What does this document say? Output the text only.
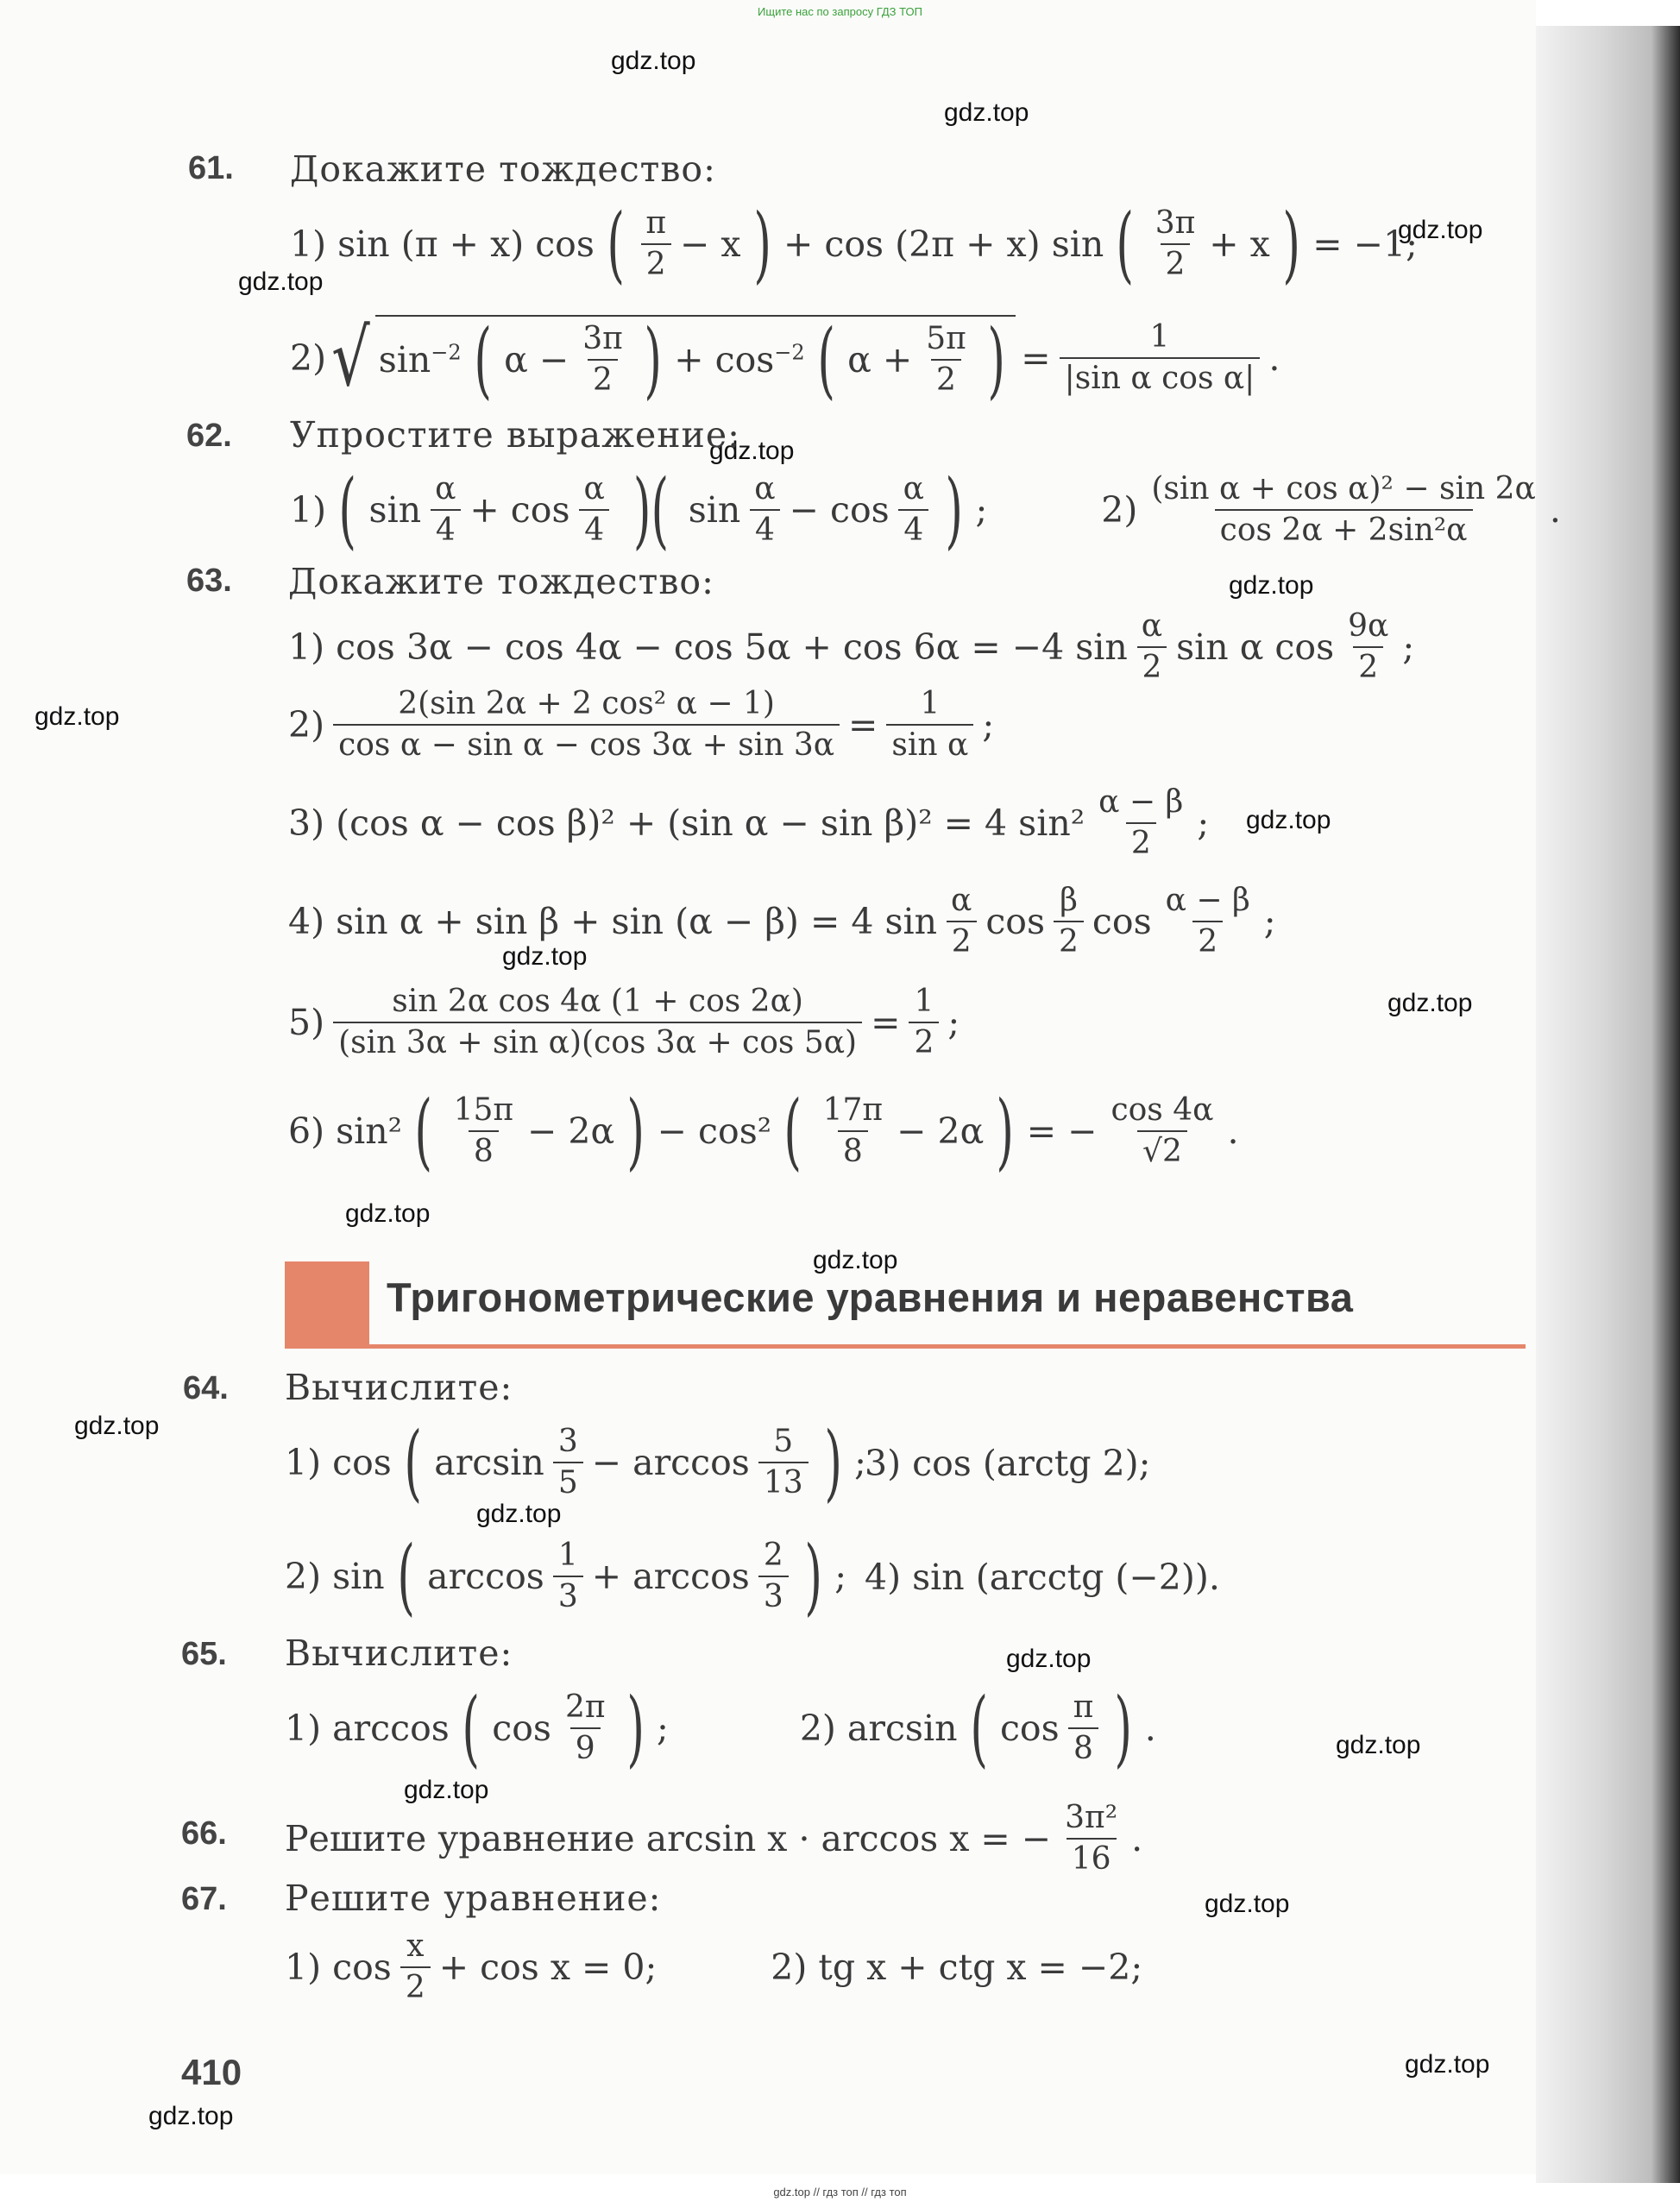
Ищите нас по запросу ГДЗ ТОП
gdz.top
gdz.top
gdz.top
gdz.top
gdz.top
gdz.top
gdz.top
gdz.top
gdz.top
gdz.top
gdz.top
gdz.top
gdz.top
gdz.top
gdz.top
gdz.top
gdz.top
gdz.top
gdz.top
gdz.top
61. Докажите тождество:
1) sin (π + x) cos ( $\frac{\pi}{2} - x$ ) + cos (2π + x) sin ( $\frac{3\pi}{2} + x$ ) = −1;
2) √ $\sin^{-2}$ ( $\alpha - \frac{3\pi}{2}$ ) + $\cos^{-2}$ ( $\alpha + \frac{5\pi}{2}$ ) = $\frac{1}{\text{|sin α cos α|}}$ .
62. Упростите выражение:
1) ( $\sin \frac{\alpha}{4} + \cos \frac{\alpha}{4}$ )( $\sin \frac{\alpha}{4} - \cos \frac{\alpha}{4}$ ) ;	$2) \frac{\text{(sin α + cos α)² − sin 2α}}{\text{cos 2α + 2sin²α}}$ .
63. Докажите тождество:
1) cos 3α − cos 4α − cos 5α + cos 6α = −4 $\sin \frac{\alpha}{2}$ sin α $\cos \frac{9\alpha}{2}$ ;
$2) \frac{\text{2(sin 2α + 2 cos² α − 1)}}{\text{cos α − sin α − cos 3α + sin 3α}} = \frac{1}{\text{sin α}}$ ;
3) (cos α − cos β)² + (sin α − sin β)² = 4 $\sin^2 \frac{\alpha - \beta}{2}$ ;
4) sin α + sin β + sin (α − β) = 4 $\sin \frac{\alpha}{2}$ $\cos \frac{\beta}{2}$ $\cos \frac{\alpha - \beta}{2}$ ;
$5) \frac{\text{sin 2α cos 4α (1 + cos 2α)}}{\text{(sin 3α + sin α)(cos 3α + cos 5α)}} = \frac{1}{2}$ ;
6) sin² ( $\frac{15\pi}{8} - 2\alpha$ ) − cos² ( $\frac{17\pi}{8} - 2\alpha$ ) = − $\frac{\cos 4\alpha}{√2}$ .
Тригонометрические уравнения и неравенства
64. Вычислите:
1) cos ( $\arcsin \frac{3}{5} - \arccos \frac{5}{13}$ ) ;
3) cos (arctg 2);
2) sin ( $\arccos \frac{1}{3} + \arccos \frac{2}{3}$ ) ; 4) sin (arcctg (−2)).
65. Вычислите:
1) arccos ( $\cos \frac{2\pi}{9}$ ) ;	2) arcsin ( $\cos \frac{\pi}{8}$ ) .
66. Решите уравнение arcsin x · arccos x = − $\frac{\text{3π²}}{16}$ .
67. Решите уравнение:
1) $\cos \frac{x}{2} + \cos x = 0$;	2) tg x + ctg x = −2;
410
gdz.top // гдз топ // гдз топ
